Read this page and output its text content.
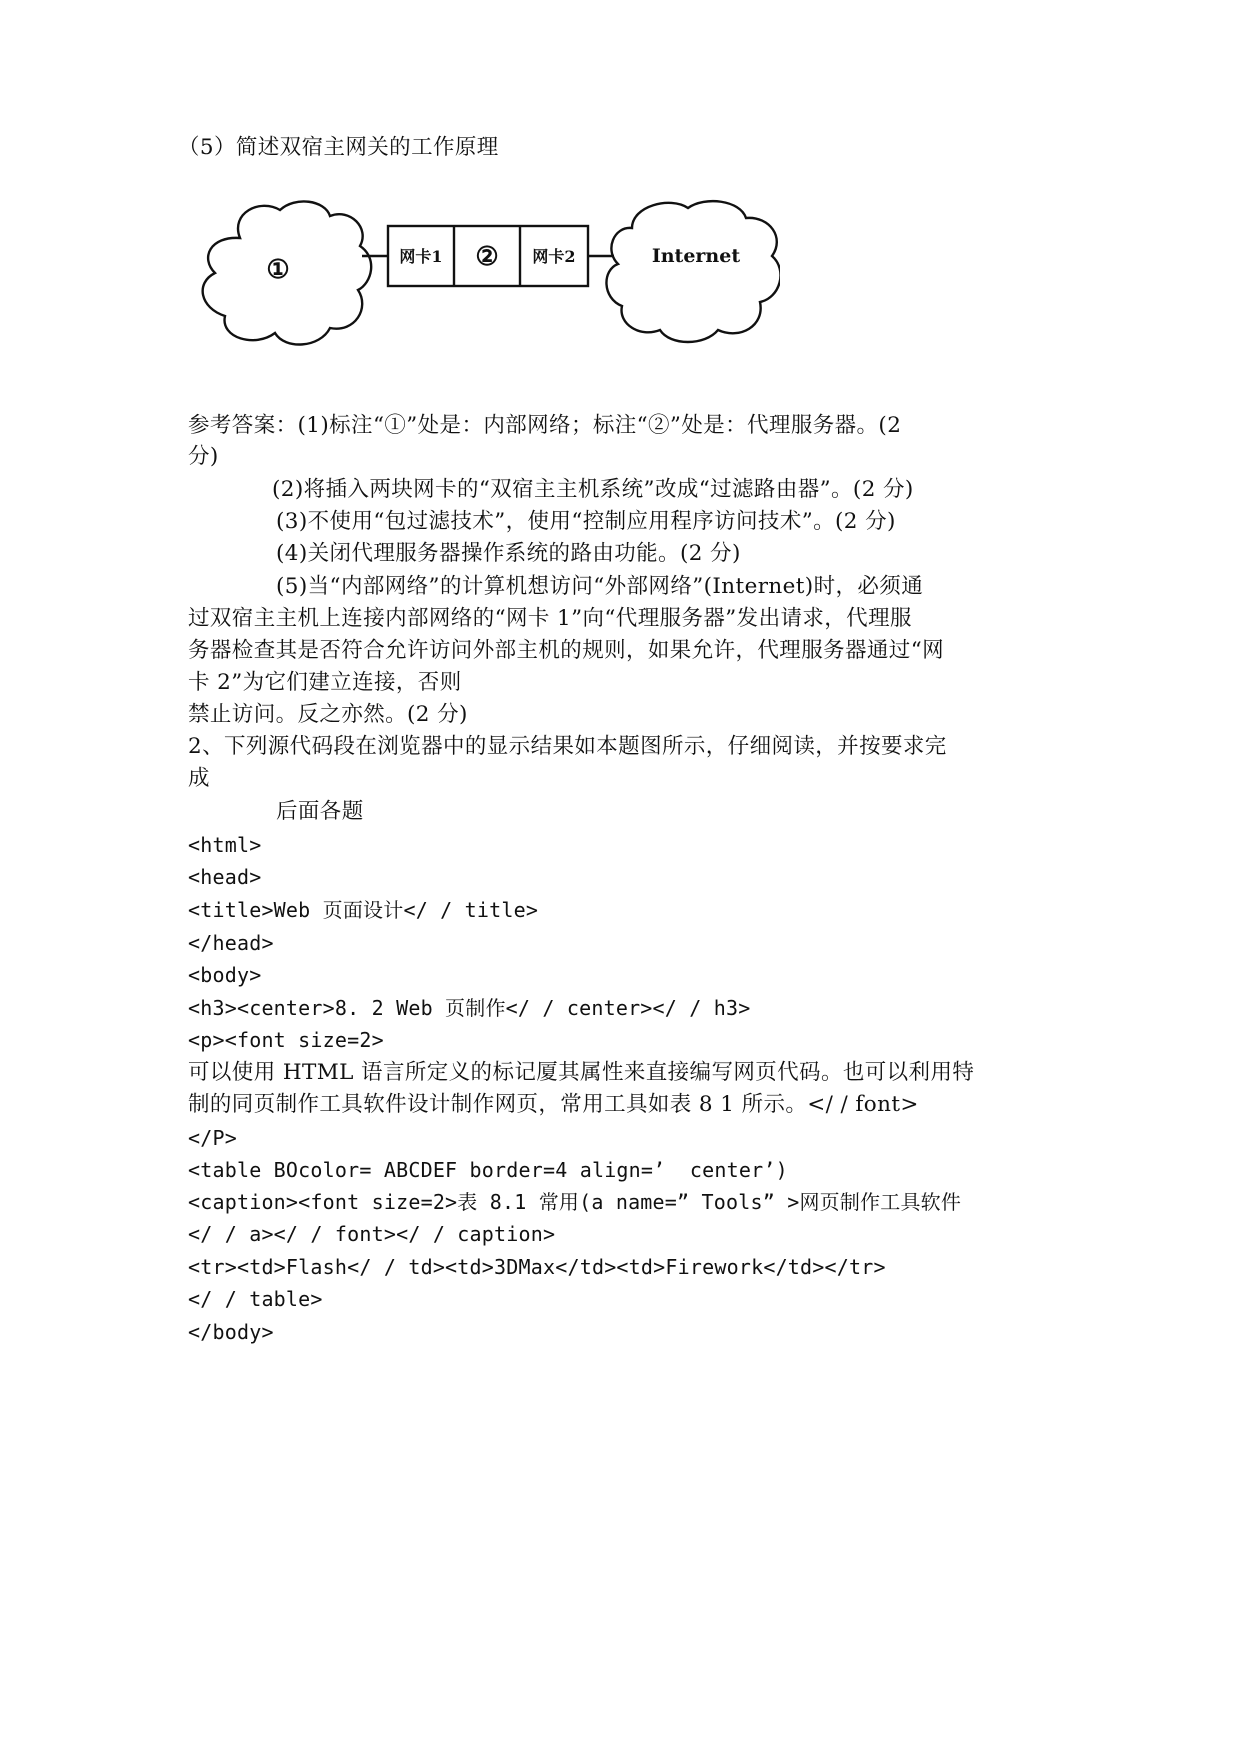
（5）简述双宿主网关的工作原理
①	网卡1 ② 网卡2	Internet
参考答案：(1)标注“①”处是：内部网络；标注“②”处是：代理服务器。(2
分)
(2)将插入两块网卡的“双宿主主机系统”改成“过滤路由器”。(2 分)
(3)不使用“包过滤技术”，使用“控制应用程序访问技术”。(2 分)
(4)关闭代理服务器操作系统的路由功能。(2 分)
(5)当“内部网络”的计算机想访问“外部网络”(Internet)时，必须通
过双宿主主机上连接内部网络的“网卡 1”向“代理服务器”发出请求，代理服
务器检查其是否符合允许访问外部主机的规则，如果允许，代理服务器通过“网
卡 2”为它们建立连接，否则
禁止访问。反之亦然。(2 分)
2、下列源代码段在浏览器中的显示结果如本题图所示，仔细阅读，并按要求完
成
后面各题
<html>
<head>
<title>Web 页面设计</ / title>
</head>
<body>
<h3><center>8. 2 Web 页制作</ / center></ / h3>
<p><font size=2>
可以使用 HTML 语言所定义的标记厦其属性来直接编写网页代码。也可以利用特
制的同页制作工具软件设计制作网页，常用工具如表 8 1 所示。</ / font>
</P>
<table BOcolor= ABCDEF border=4 align=’  center’)
<caption><font size=2>表 8.1 常用(a name=” Tools” >网页制作工具软件
</ / a></ / font></ / caption>
<tr><td>Flash</ / td><td>3DMax</td><td>Firework</td></tr>
</ / table>
</body>
